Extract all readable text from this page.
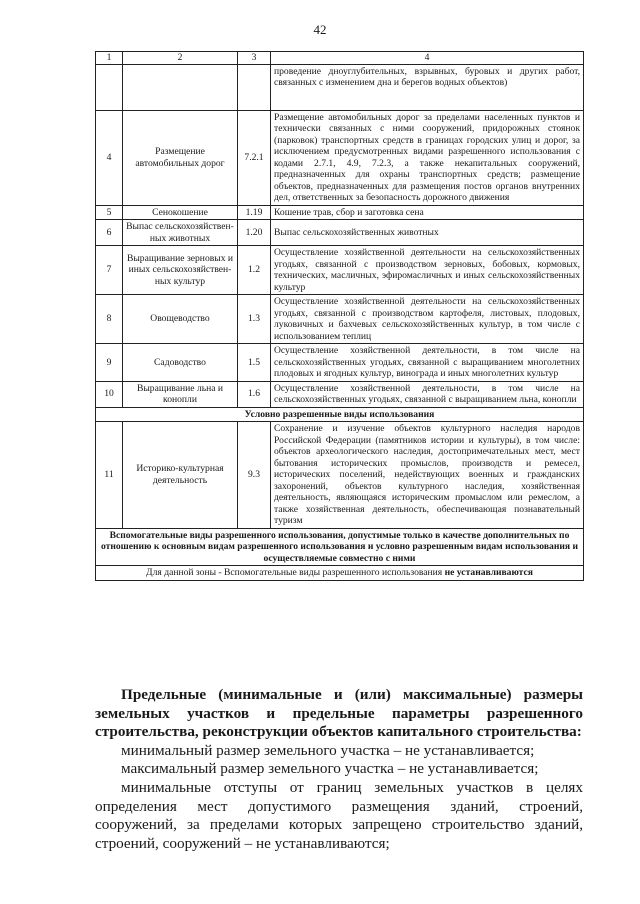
42
1	2	3	4
			проведение дноуглубительных, взрывных, буровых и других работ, связанных с изменением дна и берегов водных объектов)
4	Размещение автомобильных дорог	7.2.1	Размещение автомобильных дорог за пределами населенных пунктов и технически связанных с ними сооружений, придорожных стоянок (парковок) транспортных средств в границах городских улиц и дорог, за исключением предусмотренных видами разрешенного использования с кодами 2.7.1, 4.9, 7.2.3, а также некапитальных сооружений, предназначенных для охраны транспортных средств; размещение объектов, предназначенных для размещения постов органов внутренних дел, ответственных за безопасность дорожного движения
5	Сенокошение	1.19	Кошение трав, сбор и заготовка сена
6	Выпас сельскохозяйствен-ных животных	1.20	Выпас сельскохозяйственных животных
7	Выращивание зерновых и иных сельскохозяйствен-ных культур	1.2	Осуществление хозяйственной деятельности на сельскохозяйственных угодьях, связанной с производством зерновых, бобовых, кормовых, технических, масличных, эфиромасличных и иных сельскохозяйственных культур
8	Овощеводство	1.3	Осуществление хозяйственной деятельности на сельскохозяйственных угодьях, связанной с производством картофеля, листовых, плодовых, луковичных и бахчевых сельскохозяйственных культур, в том числе с использованием теплиц
9	Садоводство	1.5	Осуществление хозяйственной деятельности, в том числе на сельскохозяйственных угодьях, связанной с выращиванием многолетних плодовых и ягодных культур, винограда и иных многолетних культур
10	Выращивание льна и конопли	1.6	Осуществление хозяйственной деятельности, в том числе на сельскохозяйственных угодьях, связанной с выращиванием льна, конопли
Условно разрешенные виды использования			
11	Историко-культурная деятельность	9.3	Сохранение и изучение объектов культурного наследия народов Российской Федерации (памятников истории и культуры), в том числе: объектов археологического наследия, достопримечательных мест, мест бытования исторических промыслов, производств и ремесел, исторических поселений, недействующих военных и гражданских захоронений, объектов культурного наследия, хозяйственная деятельность, являющаяся историческим промыслом или ремеслом, а также хозяйственная деятельность, обеспечивающая познавательный туризм
Вспомогательные виды разрешенного использования, допустимые только в качестве дополнительных по отношению к основным видам разрешенного использования и условно разрешенным видам использования и осуществляемые совместно с ними			
Для данной зоны - Вспомогательные виды разрешенного использования не устанавливаются			

Предельные (минимальные и (или) максимальные) размеры земельных участков и предельные параметры разрешенного строительства, реконструкции объектов капитального строительства:

минимальный размер земельного участка – не устанавливается;

максимальный размер земельного участка – не устанавливается;

минимальные отступы от границ земельных участков в целях определения мест допустимого размещения зданий, строений, сооружений, за пределами которых запрещено строительство зданий, строений, сооружений – не устанавливаются;
